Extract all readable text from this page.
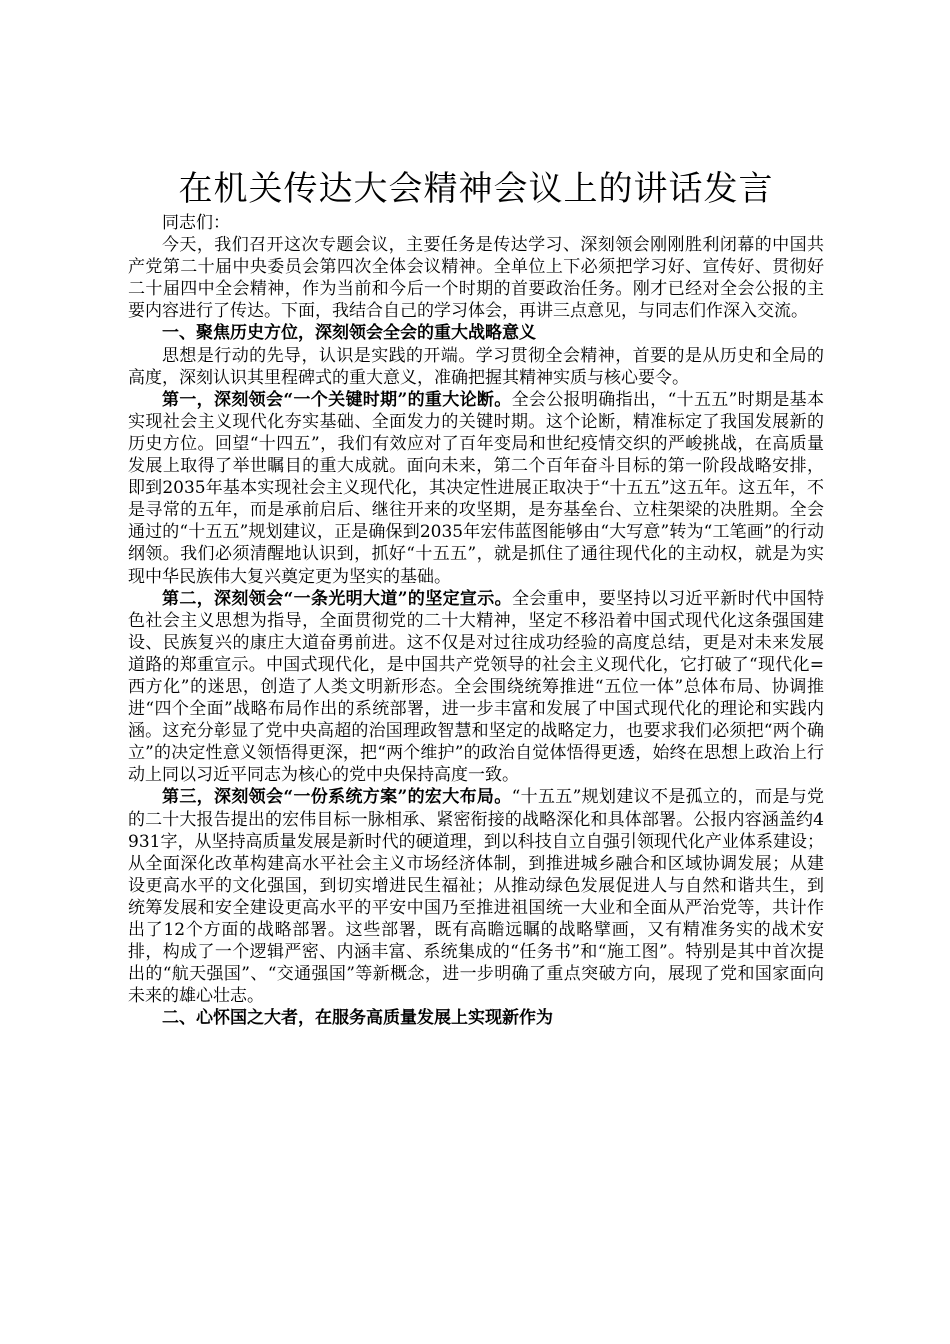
在机关传达大会精神会议上的讲话发言

同志们：

今天，我们召开这次专题会议，主要任务是传达学习、深刻领会刚刚胜利闭幕的中国共产党第二十届中央委员会第四次全体会议精神。全单位上下必须把学习好、宣传好、贯彻好二十届四中全会精神，作为当前和今后一个时期的首要政治任务。刚才已经对全会公报的主要内容进行了传达。下面，我结合自己的学习体会，再讲三点意见，与同志们作深入交流。

一、聚焦历史方位，深刻领会全会的重大战略意义

思想是行动的先导，认识是实践的开端。学习贯彻全会精神，首要的是从历史和全局的高度，深刻认识其里程碑式的重大意义，准确把握其精神实质与核心要令。

第一，深刻领会“一个关键时期”的重大论断。全会公报明确指出，“十五五”时期是基本实现社会主义现代化夯实基础、全面发力的关键时期。这个论断，精准标定了我国发展新的历史方位。回望“十四五”，我们有效应对了百年变局和世纪疫情交织的严峻挑战，在高质量发展上取得了举世瞩目的重大成就。面向未来，第二个百年奋斗目标的第一阶段战略安排，即到2035年基本实现社会主义现代化，其决定性进展正取决于“十五五”这五年。这五年，不是寻常的五年，而是承前启后、继往开来的攻坚期，是夯基垒台、立柱架梁的决胜期。全会通过的“十五五”规划建议，正是确保到2035年宏伟蓝图能够由“大写意”转为“工笔画”的行动纲领。我们必须清醒地认识到，抓好“十五五”，就是抓住了通往现代化的主动权，就是为实现中华民族伟大复兴奠定更为坚实的基础。

第二，深刻领会“一条光明大道”的坚定宣示。全会重申，要坚持以习近平新时代中国特色社会主义思想为指导，全面贯彻党的二十大精神，坚定不移沿着中国式现代化这条强国建设、民族复兴的康庄大道奋勇前进。这不仅是对过往成功经验的高度总结，更是对未来发展道路的郑重宣示。中国式现代化，是中国共产党领导的社会主义现代化，它打破了“现代化=西方化”的迷思，创造了人类文明新形态。全会围绕统筹推进“五位一体”总体布局、协调推进“四个全面”战略布局作出的系统部署，进一步丰富和发展了中国式现代化的理论和实践内涵。这充分彰显了党中央高超的治国理政智慧和坚定的战略定力，也要求我们必须把“两个确立”的决定性意义领悟得更深，把“两个维护”的政治自觉体悟得更透，始终在思想上政治上行动上同以习近平同志为核心的党中央保持高度一致。

第三，深刻领会“一份系统方案”的宏大布局。“十五五”规划建议不是孤立的，而是与党的二十大报告提出的宏伟目标一脉相承、紧密衔接的战略深化和具体部署。公报内容涵盖约4931字，从坚持高质量发展是新时代的硬道理，到以科技自立自强引领现代化产业体系建设；从全面深化改革构建高水平社会主义市场经济体制，到推进城乡融合和区域协调发展；从建设更高水平的文化强国，到切实增进民生福祉；从推动绿色发展促进人与自然和谐共生，到统筹发展和安全建设更高水平的平安中国乃至推进祖国统一大业和全面从严治党等，共计作出了12个方面的战略部署。这些部署，既有高瞻远瞩的战略擘画，又有精准务实的战术安排，构成了一个逻辑严密、内涵丰富、系统集成的“任务书”和“施工图”。特别是其中首次提出的“航天强国”、“交通强国”等新概念，进一步明确了重点突破方向，展现了党和国家面向未来的雄心壮志。

二、心怀国之大者，在服务高质量发展上实现新作为
